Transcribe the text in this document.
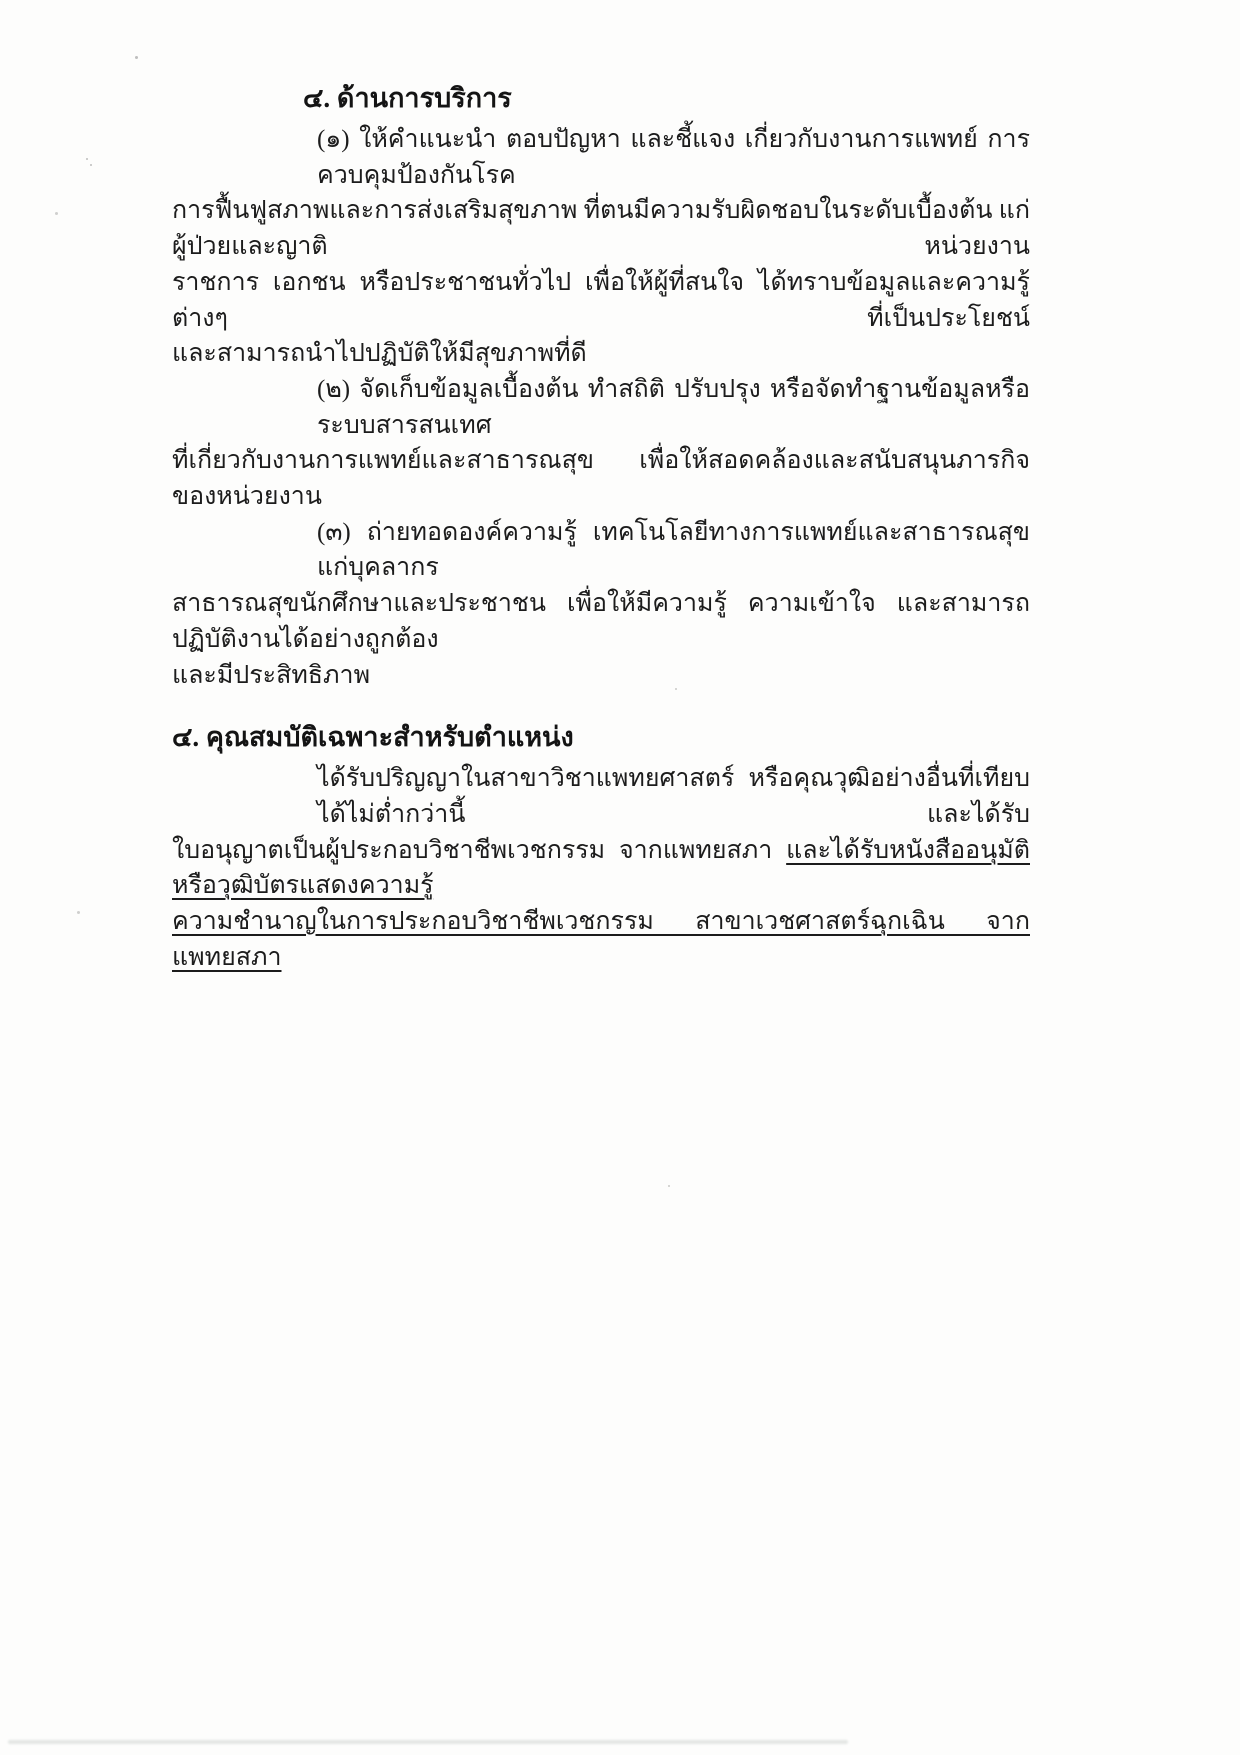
๔. ด้านการบริการ
(๑) ให้คำแนะนำ ตอบปัญหา และชี้แจง เกี่ยวกับงานการแพทย์ การควบคุมป้องกันโรค
การฟื้นฟูสภาพและการส่งเสริมสุขภาพ ที่ตนมีความรับผิดชอบในระดับเบื้องต้น แก่ผู้ป่วยและญาติ หน่วยงาน
ราชการ เอกชน หรือประชาชนทั่วไป เพื่อให้ผู้ที่สนใจ ได้ทราบข้อมูลและความรู้ต่างๆ ที่เป็นประโยชน์
และสามารถนำไปปฏิบัติให้มีสุขภาพที่ดี
(๒) จัดเก็บข้อมูลเบื้องต้น ทำสถิติ ปรับปรุง หรือจัดทำฐานข้อมูลหรือระบบสารสนเทศ
ที่เกี่ยวกับงานการแพทย์และสาธารณสุข เพื่อให้สอดคล้องและสนับสนุนภารกิจของหน่วยงาน
(๓) ถ่ายทอดองค์ความรู้ เทคโนโลยีทางการแพทย์และสาธารณสุข แก่บุคลากร
สาธารณสุขนักศึกษาและประชาชน เพื่อให้มีความรู้ ความเข้าใจ และสามารถปฏิบัติงานได้อย่างถูกต้อง
และมีประสิทธิภาพ
๔. คุณสมบัติเฉพาะสำหรับตำแหน่ง
ได้รับปริญญาในสาขาวิชาแพทยศาสตร์ หรือคุณวุฒิอย่างอื่นที่เทียบได้ไม่ต่ำกว่านี้ และได้รับ
ใบอนุญาตเป็นผู้ประกอบวิชาชีพเวชกรรม จากแพทยสภา และได้รับหนังสืออนุมัติหรือวุฒิบัตรแสดงความรู้
ความชำนาญในการประกอบวิชาชีพเวชกรรม สาขาเวชศาสตร์ฉุกเฉิน จากแพทยสภา
